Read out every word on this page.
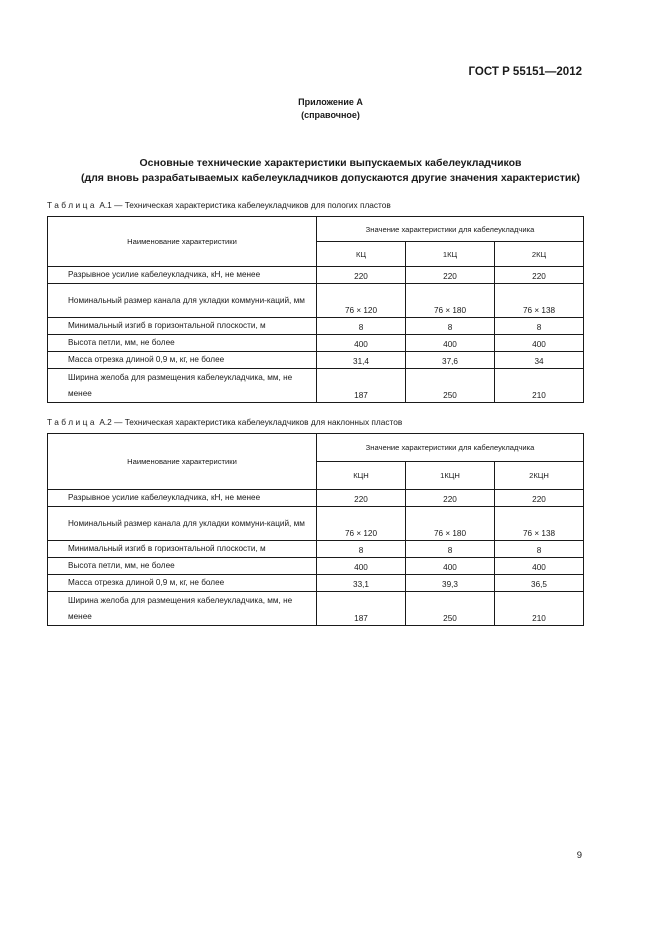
ГОСТ Р 55151—2012
Приложение А
(справочное)
Основные технические характеристики выпускаемых кабелеукладчиков
(для вновь разрабатываемых кабелеукладчиков допускаются другие значения характеристик)
Таблица А.1 — Техническая характеристика кабелеукладчиков для пологих пластов
Наименование характеристики	Значение характеристики для кабелеукладчика		
	КЦ	1КЦ	2КЦ
Разрывное усилие кабелеукладчика, кН, не менее	220	220	220
Номинальный размер канала для укладки коммуни-каций, мм	76 × 120	76 × 180	76 × 138
Минимальный изгиб в горизонтальной плоскости, м	8	8	8
Высота петли, мм, не более	400	400	400
Масса отрезка длиной 0,9 м, кг, не более	31,4	37,6	34
Ширина желоба для размещения кабелеукладчика, мм, не менее	187	250	210
Таблица А.2 — Техническая характеристика кабелеукладчиков для наклонных пластов
Наименование характеристики	Значение характеристики для кабелеукладчика		
	КЦН	1КЦН	2КЦН
Разрывное усилие кабелеукладчика, кН, не менее	220	220	220
Номинальный размер канала для укладки коммуни-каций, мм	76 × 120	76 × 180	76 × 138
Минимальный изгиб в горизонтальной плоскости, м	8	8	8
Высота петли, мм, не более	400	400	400
Масса отрезка длиной 0,9 м, кг, не более	33,1	39,3	36,5
Ширина желоба для размещения кабелеукладчика, мм, не менее	187	250	210
9
